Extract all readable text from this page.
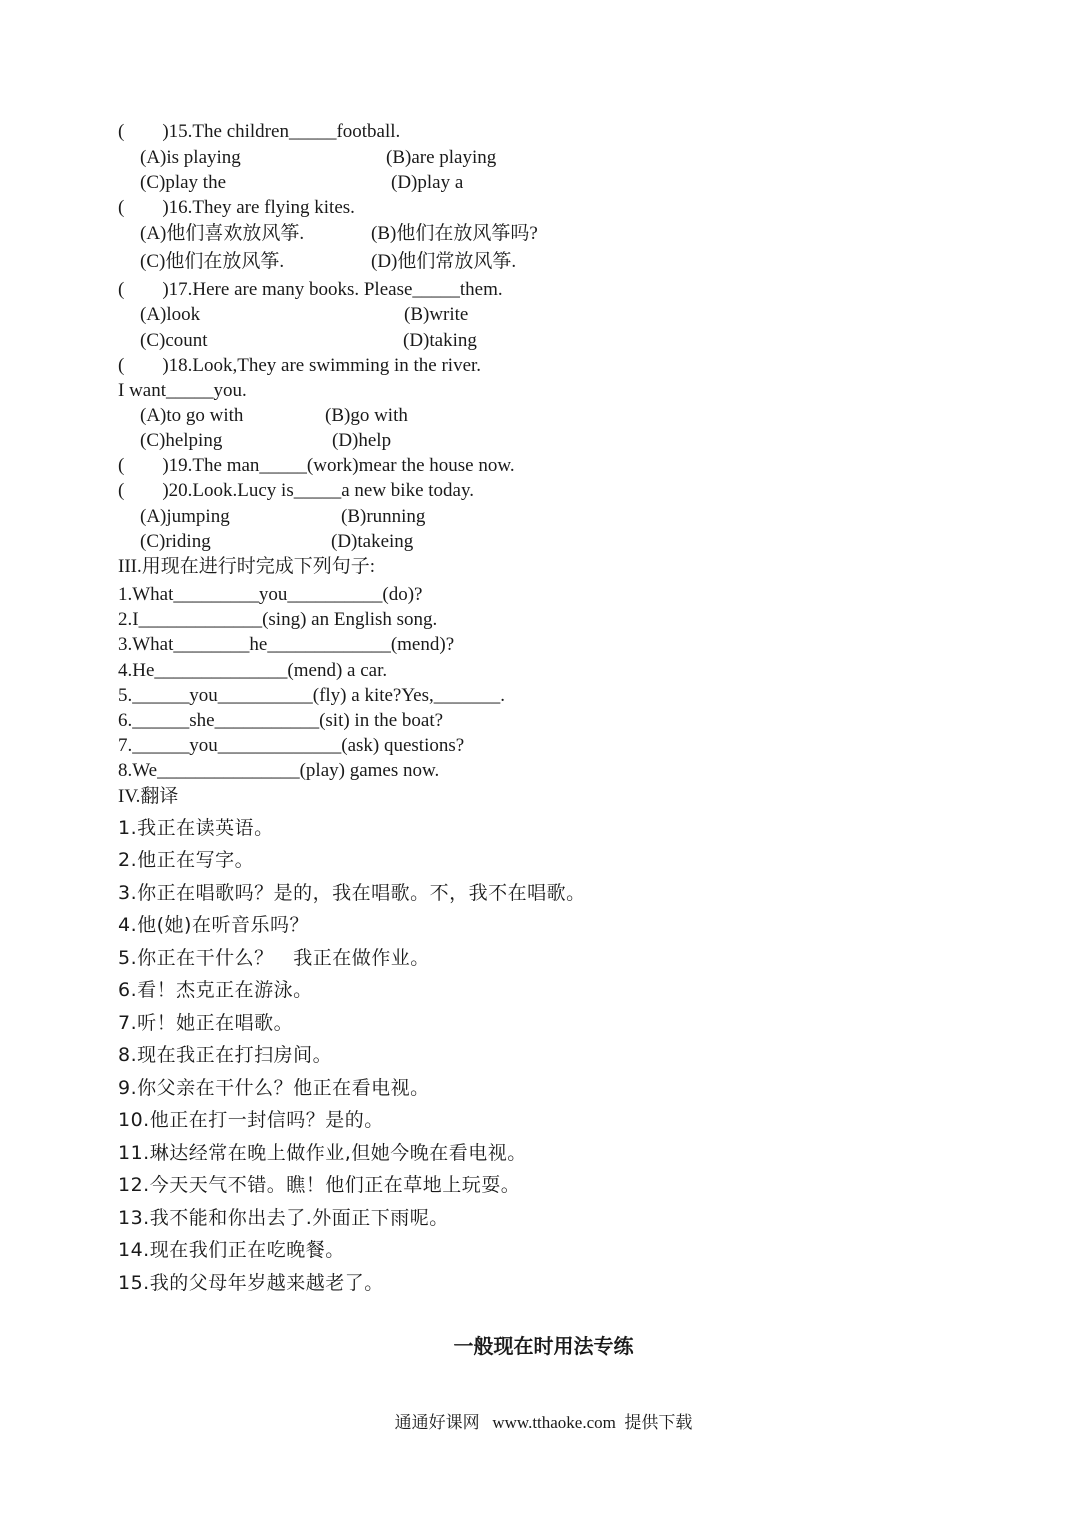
(        )15.The children_____football.
(A)is playing	(B)are playing
(C)play the	(D)play a
(        )16.They are flying kites.
(A)他们喜欢放风筝.	(B)他们在放风筝吗?
(C)他们在放风筝.	(D)他们常放风筝.
(        )17.Here are many books. Please_____them.
(A)look	(B)write
(C)count	(D)taking
(        )18.Look,They are swimming in the river.
I want_____you.
(A)to go with	(B)go with
(C)helping	(D)help
(        )19.The man_____(work)mear the house now.
(        )20.Look.Lucy is_____a new bike today.
(A)jumping	(B)running
(C)riding	(D)takeing
III.用现在进行时完成下列句子:
1.What_________you__________(do)?
2.I_____________(sing) an English song.
3.What________he_____________(mend)?
4.He______________(mend) a car.
5.______you__________(fly) a kite?Yes,_______.
6.______she___________(sit) in the boat?
7.______you_____________(ask) questions?
8.We_______________(play) games now.
IV.翻译
1.我正在读英语。
2.他正在写字。
3.你正在唱歌吗？是的，我在唱歌。不，我不在唱歌。
4.他(她)在听音乐吗？
5.你正在干什么？   我正在做作业。
6.看！杰克正在游泳。
7.听！她正在唱歌。
8.现在我正在打扫房间。
9.你父亲在干什么？他正在看电视。
10.他正在打一封信吗？是的。
11.琳达经常在晚上做作业,但她今晚在看电视。
12.今天天气不错。瞧！他们正在草地上玩耍。
13.我不能和你出去了.外面正下雨呢。
14.现在我们正在吃晚餐。
15.我的父母年岁越来越老了。
一般现在时用法专练
通通好课网   www.tthaoke.com  提供下载
